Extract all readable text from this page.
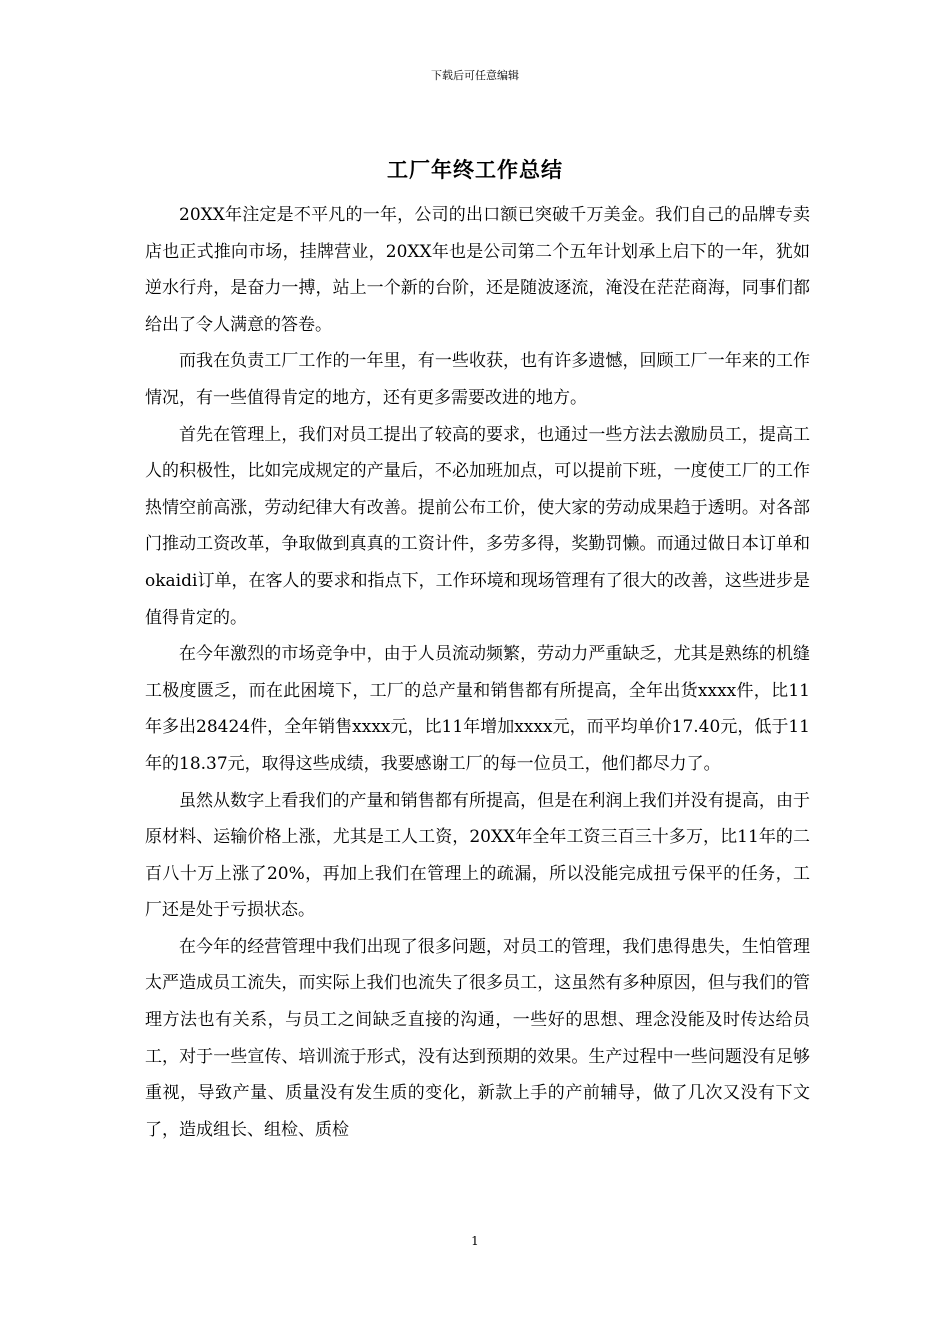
下载后可任意编辑
工厂年终工作总结

20XX年注定是不平凡的一年，公司的出口额已突破千万美金。我们自己的品牌专卖店也正式推向市场，挂牌营业，20XX年也是公司第二个五年计划承上启下的一年，犹如逆水行舟，是奋力一搏，站上一个新的台阶，还是随波逐流，淹没在茫茫商海，同事们都给出了令人满意的答卷。

而我在负责工厂工作的一年里，有一些收获，也有许多遗憾，回顾工厂一年来的工作情况，有一些值得肯定的地方，还有更多需要改进的地方。

首先在管理上，我们对员工提出了较高的要求，也通过一些方法去激励员工，提高工人的积极性，比如完成规定的产量后，不必加班加点，可以提前下班，一度使工厂的工作热情空前高涨，劳动纪律大有改善。提前公布工价，使大家的劳动成果趋于透明。对各部门推动工资改革，争取做到真真的工资计件，多劳多得，奖勤罚懒。而通过做日本订单和okaidi订单，在客人的要求和指点下，工作环境和现场管理有了很大的改善，这些进步是值得肯定的。

在今年激烈的市场竞争中，由于人员流动频繁，劳动力严重缺乏，尤其是熟练的机缝工极度匮乏，而在此困境下，工厂的总产量和销售都有所提高，全年出货xxxx件，比11年多出28424件，全年销售xxxx元，比11年增加xxxx元，而平均单价17.40元，低于11年的18.37元，取得这些成绩，我要感谢工厂的每一位员工，他们都尽力了。

虽然从数字上看我们的产量和销售都有所提高，但是在利润上我们并没有提高，由于原材料、运输价格上涨，尤其是工人工资，20XX年全年工资三百三十多万，比11年的二百八十万上涨了20%，再加上我们在管理上的疏漏，所以没能完成扭亏保平的任务，工厂还是处于亏损状态。

在今年的经营管理中我们出现了很多问题，对员工的管理，我们患得患失，生怕管理太严造成员工流失，而实际上我们也流失了很多员工，这虽然有多种原因，但与我们的管理方法也有关系，与员工之间缺乏直接的沟通，一些好的思想、理念没能及时传达给员工，对于一些宣传、培训流于形式，没有达到预期的效果。生产过程中一些问题没有足够重视，导致产量、质量没有发生质的变化，新款上手的产前辅导，做了几次又没有下文了，造成组长、组检、质检

1
